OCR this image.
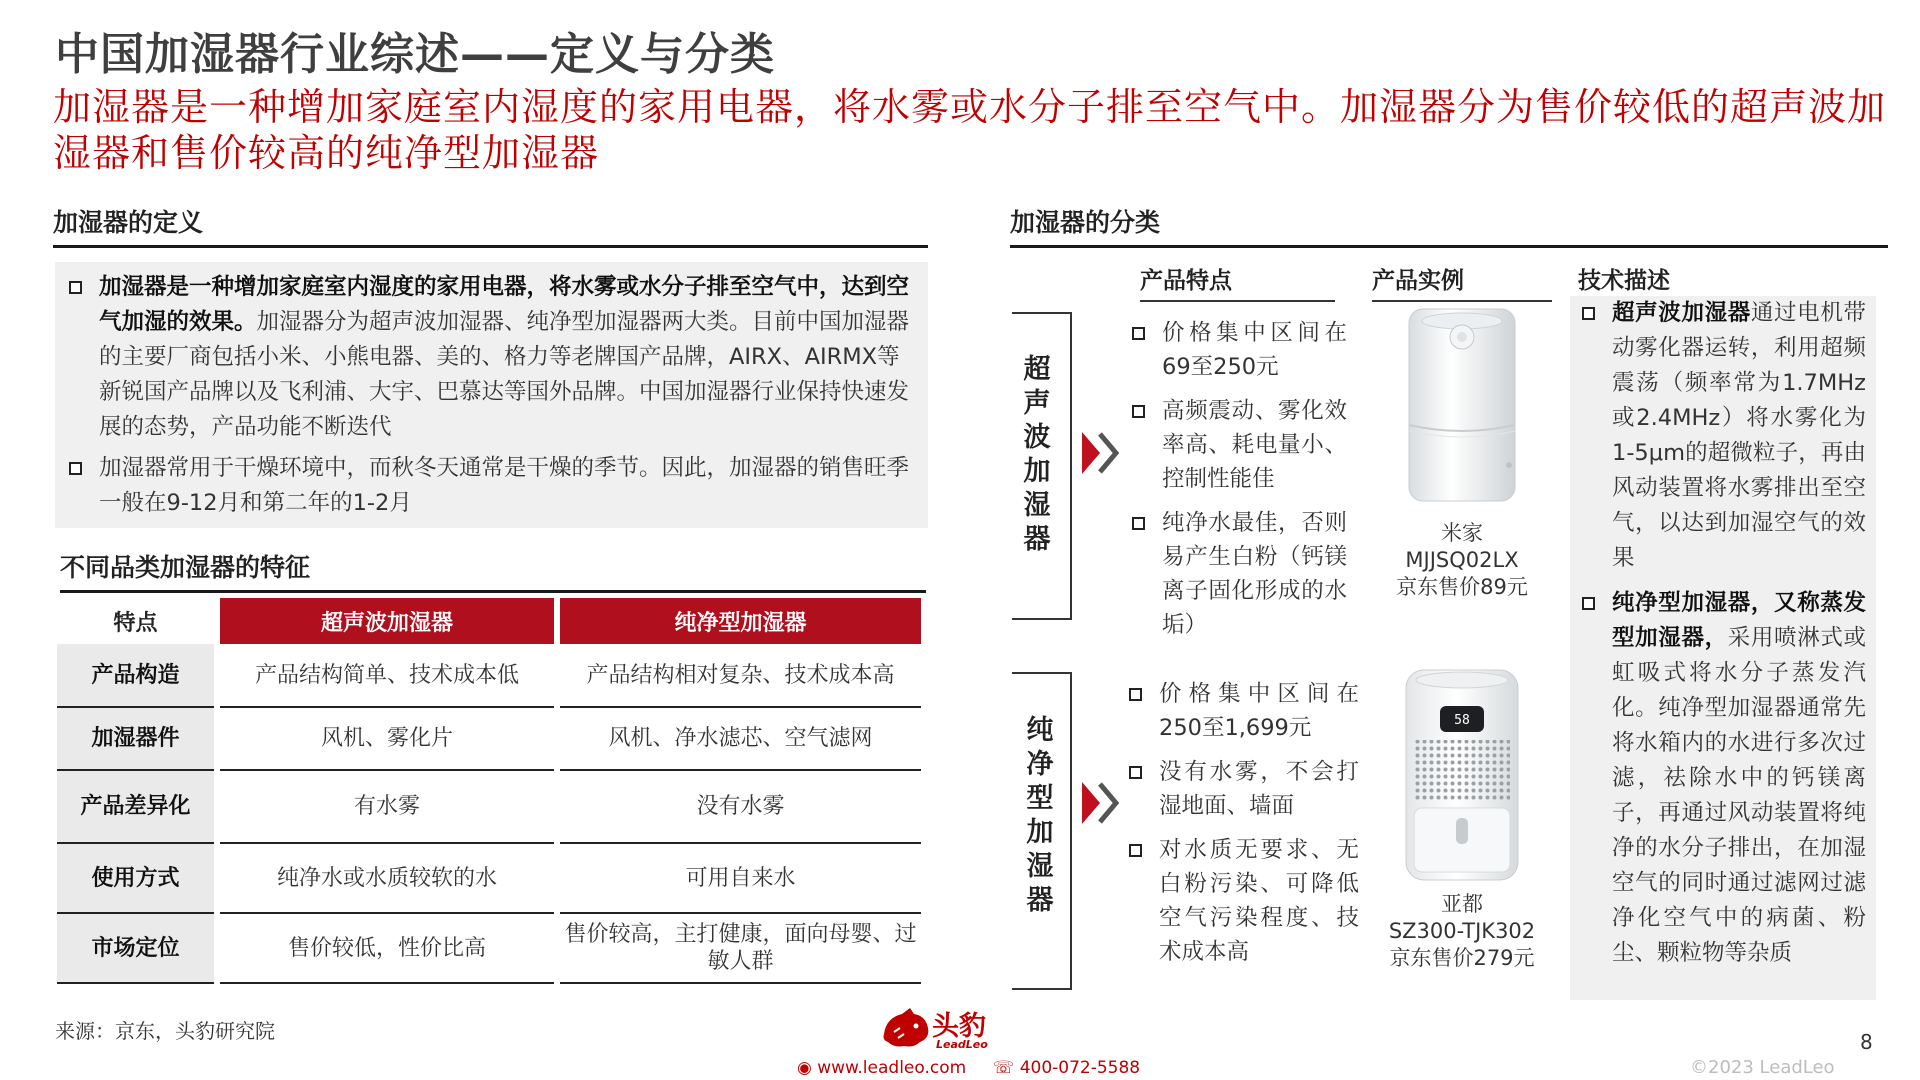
中国加湿器行业综述——定义与分类
加湿器是一种增加家庭室内湿度的家用电器，将水雾或水分子排至空气中。加湿器分为售价较低的超声波加湿器和售价较高的纯净型加湿器
加湿器的定义
加湿器是一种增加家庭室内湿度的家用电器，将水雾或水分子排至空气中，达到空气加湿的效果。加湿器分为超声波加湿器、纯净型加湿器两大类。目前中国加湿器的主要厂商包括小米、小熊电器、美的、格力等老牌国产品牌，AIRX、AIRMX等新锐国产品牌以及飞利浦、大宇、巴慕达等国外品牌。中国加湿器行业保持快速发展的态势，产品功能不断迭代
加湿器常用于干燥环境中，而秋冬天通常是干燥的季节。因此，加湿器的销售旺季一般在9-12月和第二年的1-2月
不同品类加湿器的特征
特点		超声波加湿器		纯净型加湿器
产品构造		产品结构简单、技术成本低		产品结构相对复杂、技术成本高
加湿器件		风机、雾化片		风机、净水滤芯、空气滤网
产品差异化		有水雾		没有水雾
使用方式		纯净水或水质较软的水		可用自来水
市场定位		售价较低，性价比高		售价较高，主打健康，面向母婴、过敏人群
加湿器的分类
产品特点	产品实例	技术描述
超声波加湿器
纯净型加湿器
价格集中区间在69至250元
高频震动、雾化效率高、耗电量小、控制性能佳
纯净水最佳，否则易产生白粉（钙镁离子固化形成的水垢）
价格集中区间在250至1,699元
没有水雾，不会打湿地面、墙面
对水质无要求、无白粉污染、可降低空气污染程度、技术成本高
58
米家
MJJSQ02LX
京东售价89元
亚都
SZ300-TJK302
京东售价279元
超声波加湿器通过电机带动雾化器运转，利用超频震荡（频率常为1.7MHz或2.4MHz）将水雾化为1-5μm的超微粒子，再由风动装置将水雾排出至空气，以达到加湿空气的效果
纯净型加湿器，又称蒸发型加湿器，采用喷淋式或虹吸式将水分子蒸发汽化。纯净型加湿器通常先将水箱内的水进行多次过滤，祛除水中的钙镁离子，再通过风动装置将纯净的水分子排出，在加湿空气的同时通过滤网过滤净化空气中的病菌、粉尘、颗粒物等杂质
来源：京东，头豹研究院	头豹
LeadLeo
◉ www.leadleo.com ☏ 400-072-5588	©2023 LeadLeo
8
